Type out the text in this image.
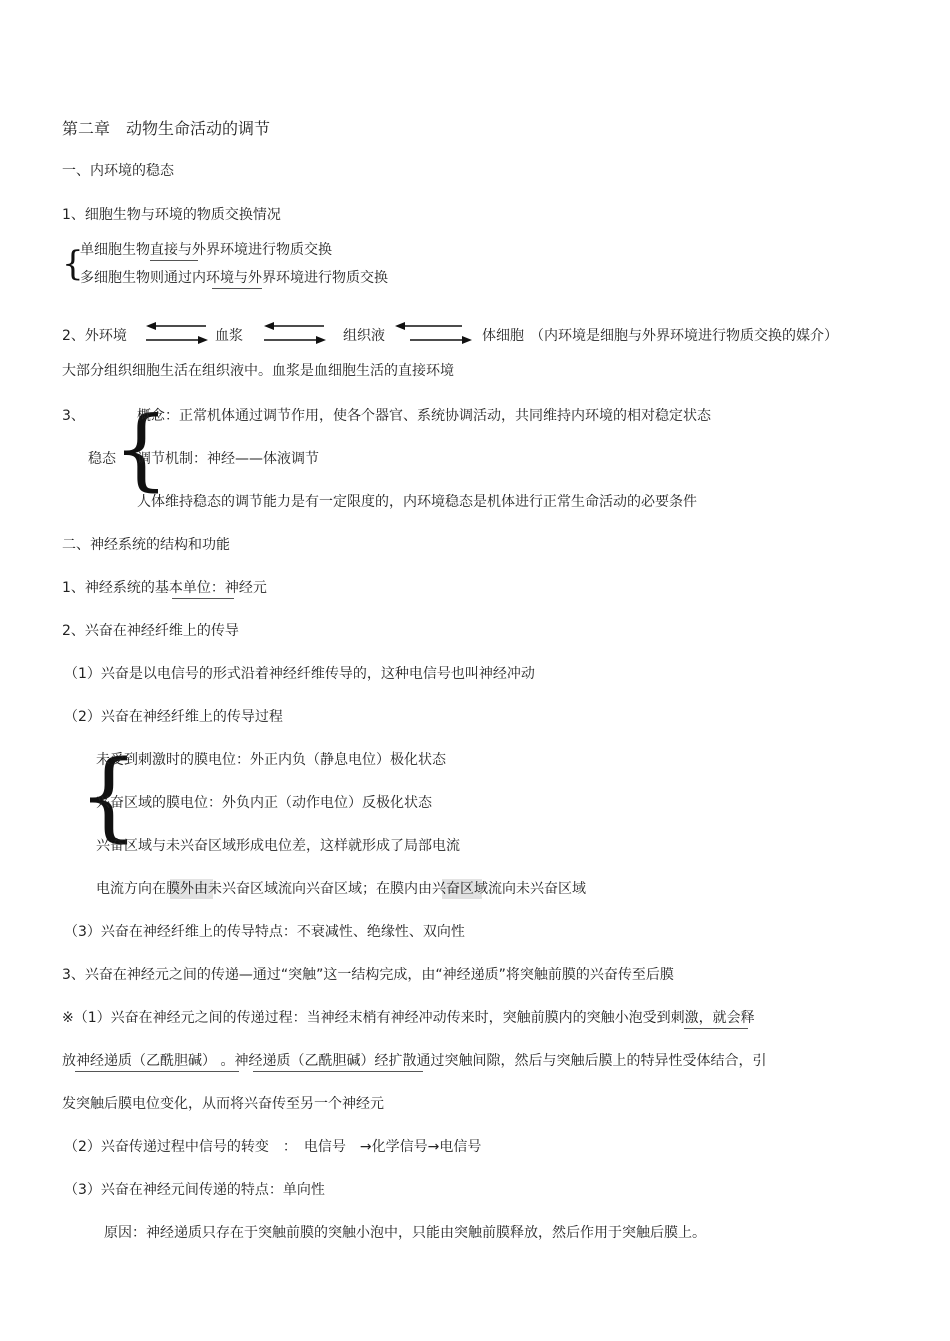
第二章　动物生命活动的调节
一、内环境的稳态
1、细胞生物与环境的物质交换情况
{
单细胞生物直接与外界环境进行物质交换
多细胞生物则通过内环境与外界环境进行物质交换
2、外环境	血浆	组织液	体细胞 （内环境是细胞与外界环境进行物质交换的媒介）
大部分组织细胞生活在组织液中。血浆是血细胞生活的直接环境
3、
稳态
{
概念：正常机体通过调节作用，使各个器官、系统协调活动，共同维持内环境的相对稳定状态
调节机制：神经——体液调节
人体维持稳态的调节能力是有一定限度的，内环境稳态是机体进行正常生命活动的必要条件
二、神经系统的结构和功能
1、神经系统的基本单位：神经元
2、兴奋在神经纤维上的传导
（1）兴奋是以电信号的形式沿着神经纤维传导的，这种电信号也叫神经冲动
（2）兴奋在神经纤维上的传导过程
{
未受到刺激时的膜电位：外正内负（静息电位）极化状态
兴奋区域的膜电位：外负内正（动作电位）反极化状态
兴奋区域与未兴奋区域形成电位差，这样就形成了局部电流
电流方向在膜外由未兴奋区域流向兴奋区域；在膜内由兴奋区域流向未兴奋区域
（3）兴奋在神经纤维上的传导特点：不衰减性、绝缘性、双向性
3、兴奋在神经元之间的传递—通过“突触”这一结构完成，由“神经递质”将突触前膜的兴奋传至后膜
※（1）兴奋在神经元之间的传递过程：当神经末梢有神经冲动传来时，突触前膜内的突触小泡受到刺激，就会释
放神经递质（乙酰胆碱） 。神经递质（乙酰胆碱）经扩散通过突触间隙，然后与突触后膜上的特异性受体结合，引
发突触后膜电位变化，从而将兴奋传至另一个神经元
（2）兴奋传递过程中信号的转变　：　电信号　→化学信号→电信号
（3）兴奋在神经元间传递的特点：单向性
原因：神经递质只存在于突触前膜的突触小泡中，只能由突触前膜释放，然后作用于突触后膜上。
